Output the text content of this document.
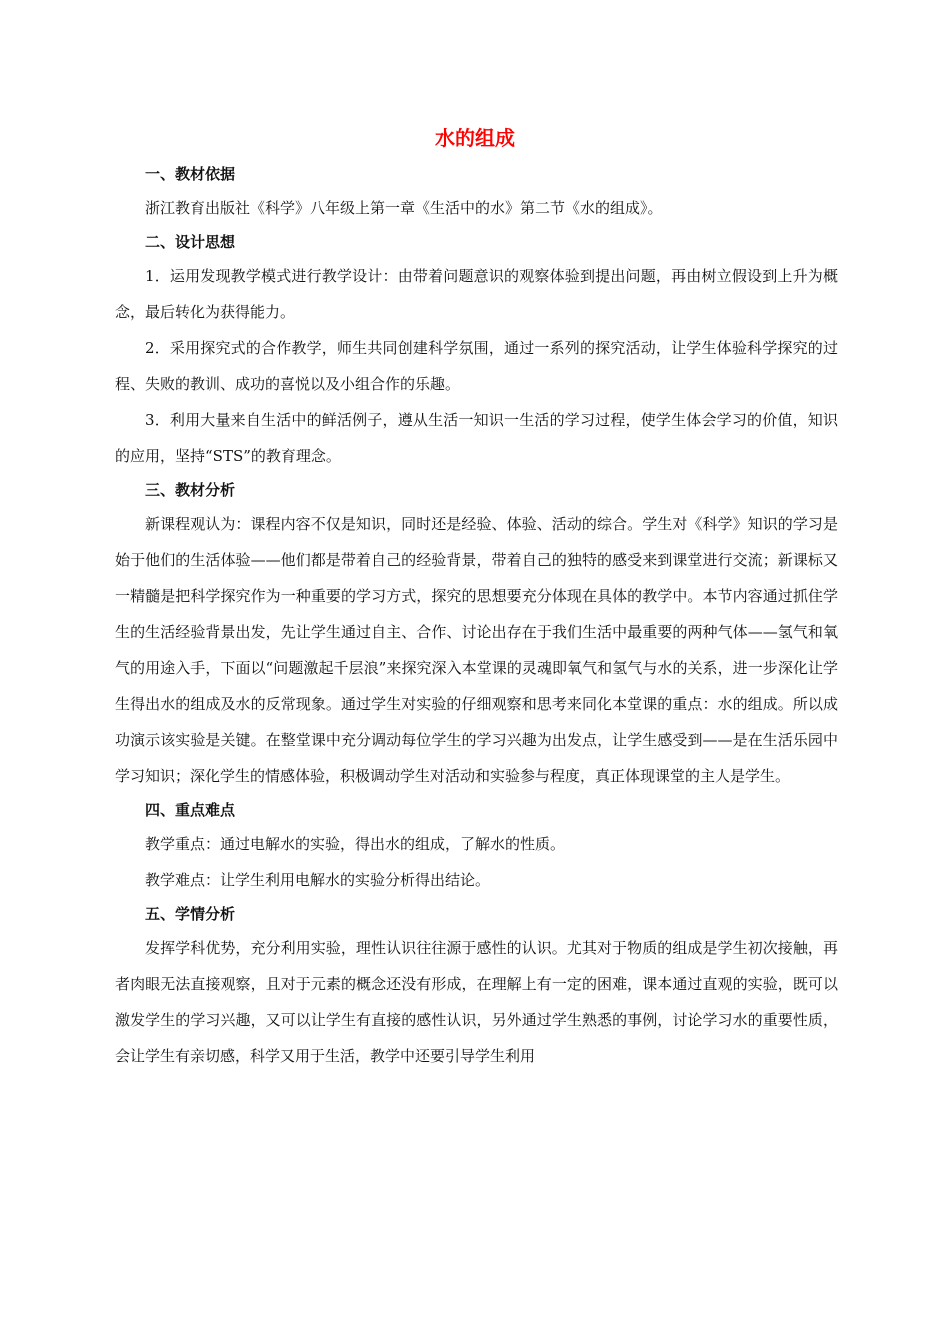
水的组成
一、教材依据
浙江教育出版社《科学》八年级上第一章《生活中的水》第二节《水的组成》。
二、设计思想
1．运用发现教学模式进行教学设计：由带着问题意识的观察体验到提出问题，再由树立假设到上升为概念，最后转化为获得能力。
2．采用探究式的合作教学，师生共同创建科学氛围，通过一系列的探究活动，让学生体验科学探究的过程、失败的教训、成功的喜悦以及小组合作的乐趣。
3．利用大量来自生活中的鲜活例子，遵从生活一知识一生活的学习过程，使学生体会学习的价值，知识的应用，坚持“STS”的教育理念。
三、教材分析
新课程观认为：课程内容不仅是知识，同时还是经验、体验、活动的综合。学生对《科学》知识的学习是始于他们的生活体验——他们都是带着自己的经验背景，带着自己的独特的感受来到课堂进行交流；新课标又一精髓是把科学探究作为一种重要的学习方式，探究的思想要充分体现在具体的教学中。本节内容通过抓住学生的生活经验背景出发，先让学生通过自主、合作、讨论出存在于我们生活中最重要的两种气体——氢气和氧气的用途入手，下面以“问题激起千层浪”来探究深入本堂课的灵魂即氧气和氢气与水的关系，进一步深化让学生得出水的组成及水的反常现象。通过学生对实验的仔细观察和思考来同化本堂课的重点：水的组成。所以成功演示该实验是关键。在整堂课中充分调动每位学生的学习兴趣为出发点，让学生感受到——是在生活乐园中学习知识；深化学生的情感体验，积极调动学生对活动和实验参与程度，真正体现课堂的主人是学生。
四、重点难点
教学重点：通过电解水的实验，得出水的组成，了解水的性质。
教学难点：让学生利用电解水的实验分析得出结论。
五、学情分析
发挥学科优势，充分利用实验，理性认识往往源于感性的认识。尤其对于物质的组成是学生初次接触，再者肉眼无法直接观察，且对于元素的概念还没有形成，在理解上有一定的困难，课本通过直观的实验，既可以激发学生的学习兴趣，又可以让学生有直接的感性认识，另外通过学生熟悉的事例，讨论学习水的重要性质，会让学生有亲切感，科学又用于生活，教学中还要引导学生利用
